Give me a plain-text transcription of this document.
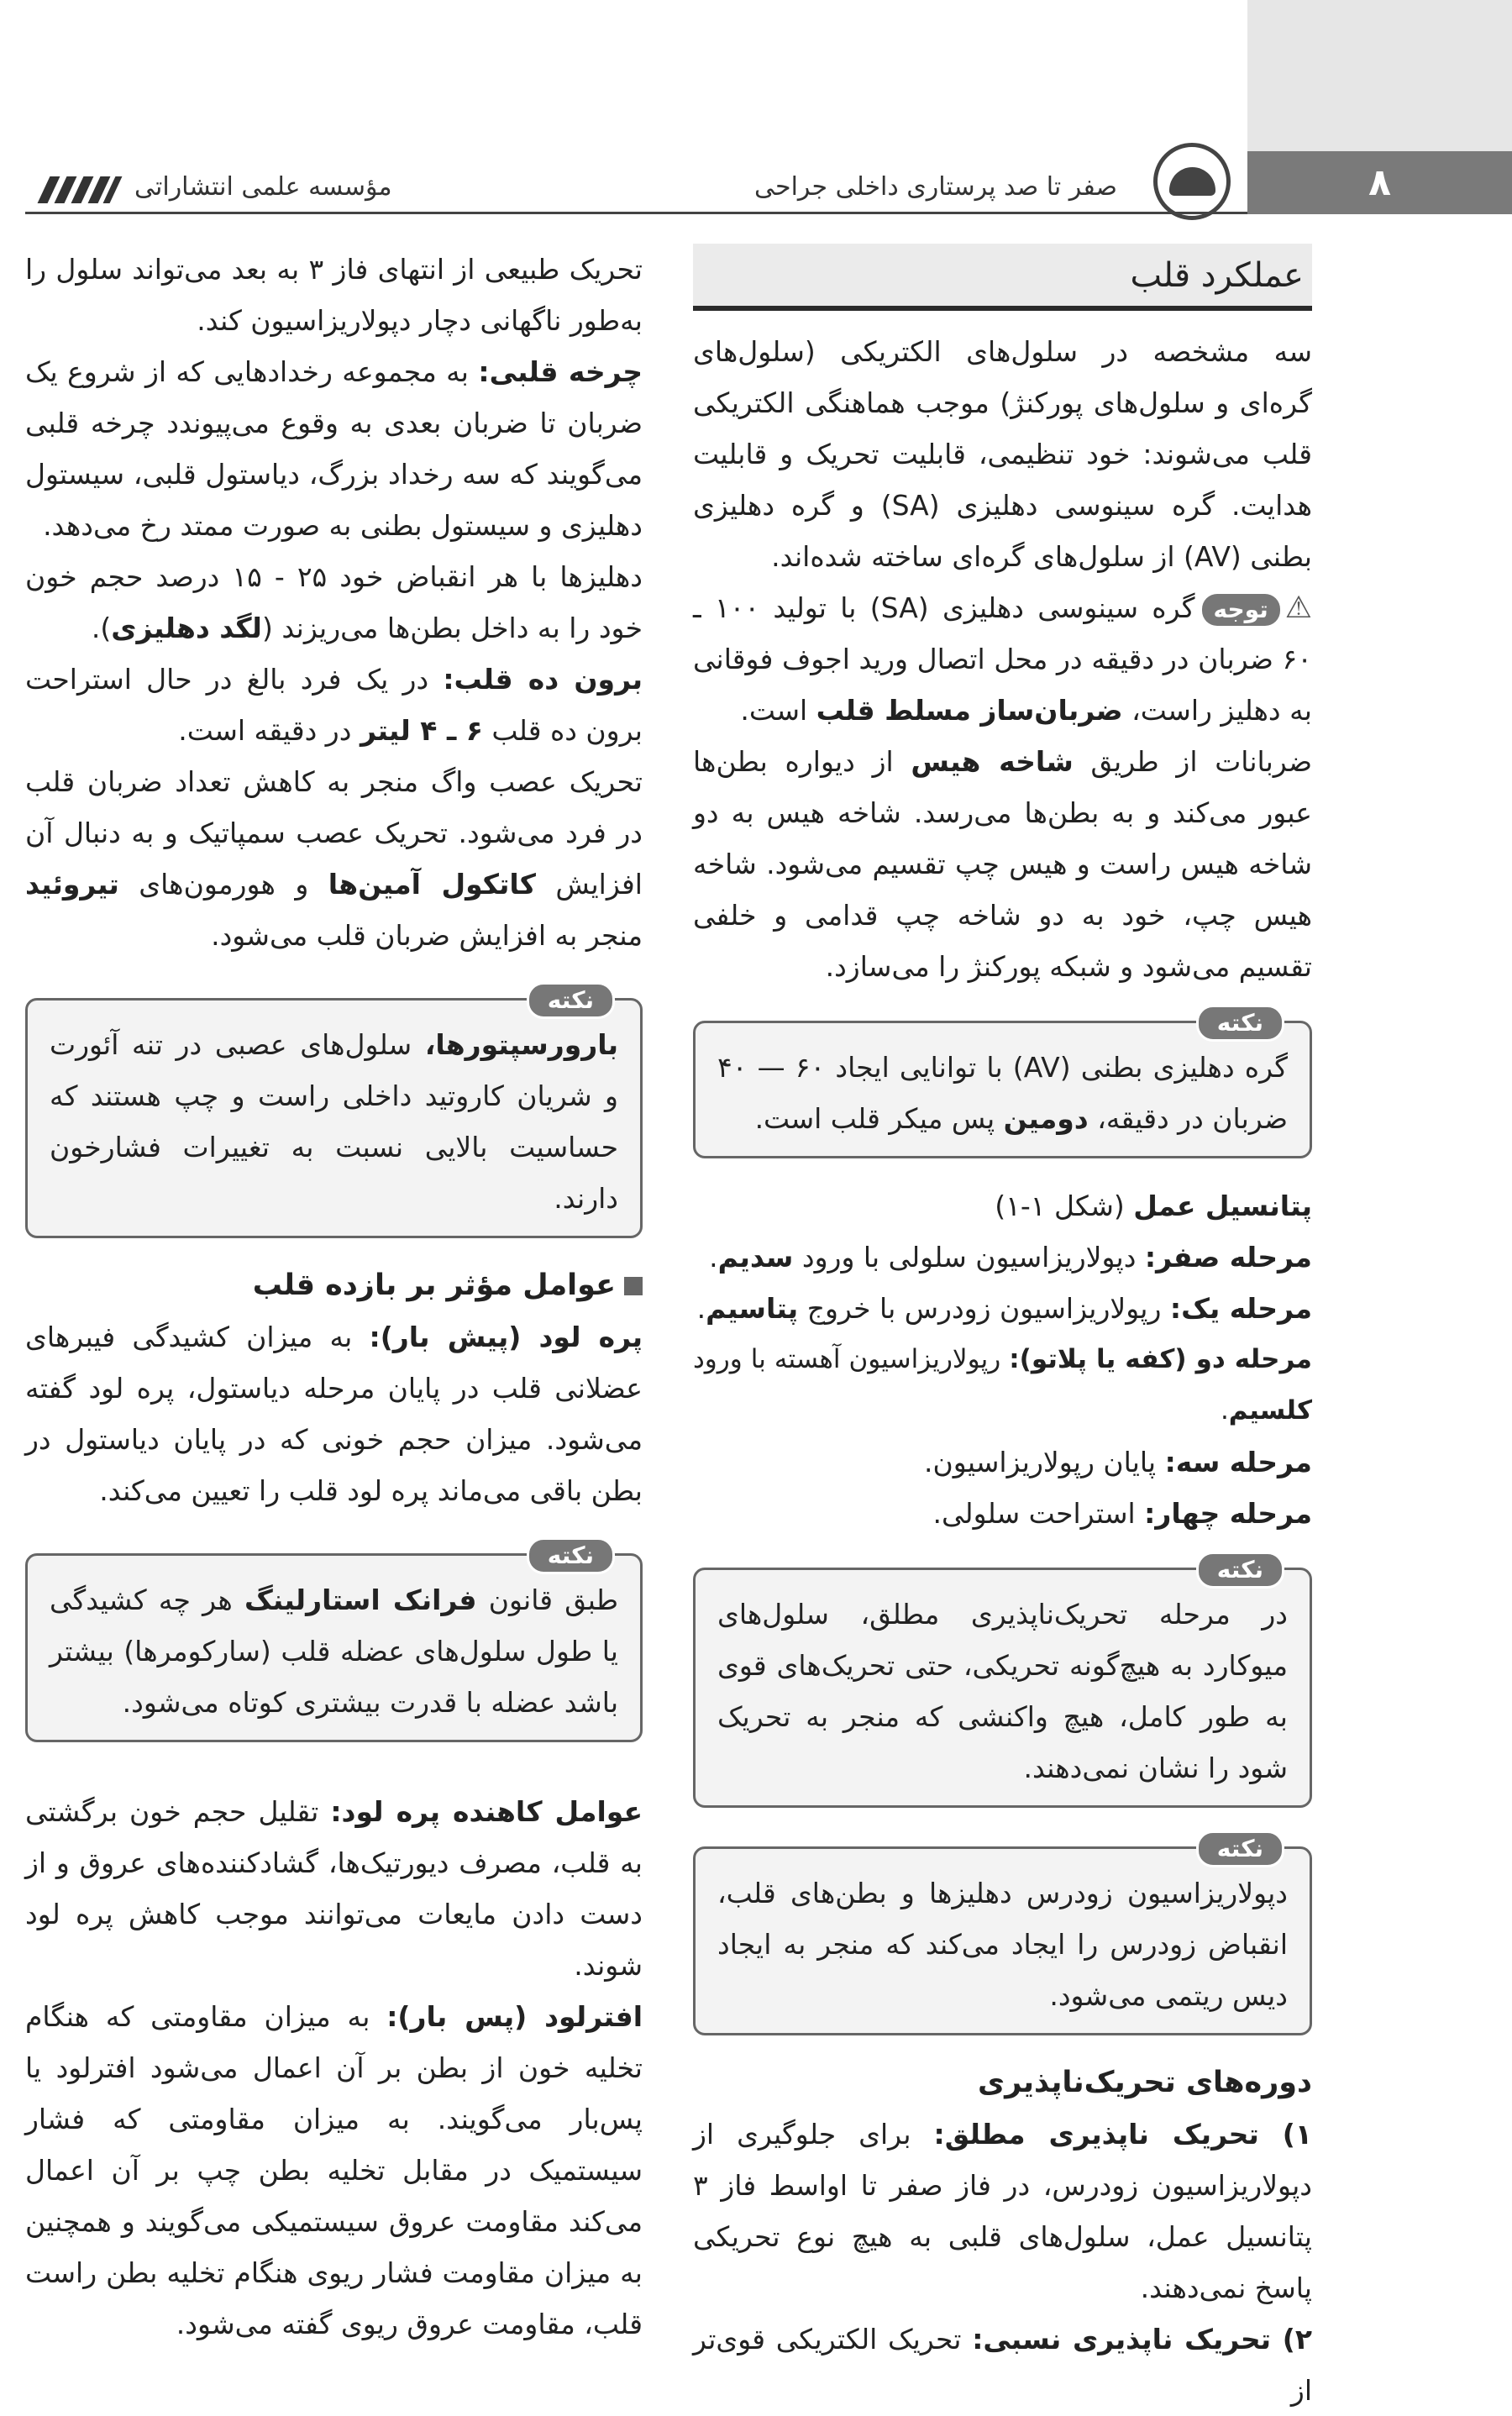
۸
صفر تا صد پرستاری داخلی جراحی
مؤسسه علمی انتشاراتی
عملکرد قلب

سه مشخصه در سلول‌های الکتریکی (سلول‌های گره‌ای و سلول‌های پورکنژ) موجب هماهنگی الکتریکی قلب می‌شوند: خود تنظیمی، قابلیت تحریک و قابلیت هدایت. گره سینوسی دهلیزی (SA) و گره دهلیزی بطنی (AV) از سلول‌های گره‌ای ساخته شده‌اند.

⚠توجهگره سینوسی دهلیزی (SA) با تولید ۱۰۰ ـ ۶۰ ضربان در دقیقه در محل اتصال ورید اجوف فوقانی به دهلیز راست، ضربان‌ساز مسلط قلب است.

ضربانات از طریق شاخه هیس از دیواره بطن‌ها عبور می‌کند و به بطن‌ها می‌رسد. شاخه هیس به دو شاخه هیس راست و هیس چپ تقسیم می‌شود. شاخه هیس چپ، خود به دو شاخه چپ قدامی و خلفی تقسیم می‌شود و شبکه پورکنژ را می‌سازد.

نکته
گره دهلیزی بطنی (AV) با توانایی ایجاد ۶۰ — ۴۰ ضربان در دقیقه، دومین پس میکر قلب است.

پتانسیل عمل (شکل ۱-۱)

مرحله صفر: دپولاریزاسیون سلولی با ورود سدیم.

مرحله یک: رپولاریزاسیون زودرس با خروج پتاسیم.

مرحله دو (کفه یا پلاتو): رپولاریزاسیون آهسته با ورود کلسیم.

مرحله سه: پایان رپولاریزاسیون.

مرحله چهار: استراحت سلولی.

نکته
در مرحله تحریک‌ناپذیری مطلق، سلول‌های میوکارد به هیچ‌گونه تحریکی، حتی تحریک‌های قوی به طور کامل، هیچ واکنشی که منجر به تحریک شود را نشان نمی‌دهند.
نکته
دپولاریزاسیون زودرس دهلیزها و بطن‌های قلب، انقباض زودرس را ایجاد می‌کند که منجر به ایجاد دیس ریتمی می‌شود.

دوره‌های تحریک‌ناپذیری

۱) تحریک ناپذیری مطلق: برای جلوگیری از دپولاریزاسیون زودرس، در فاز صفر تا اواسط فاز ۳ پتانسیل عمل، سلول‌های قلبی به هیچ نوع تحریکی پاسخ نمی‌دهند.

۲) تحریک ناپذیری نسبی: تحریک الکتریکی قوی‌تر از

تحریک طبیعی از انتهای فاز ۳ به بعد می‌تواند سلول را به‌طور ناگهانی دچار دپولاریزاسیون کند.

چرخه قلبی: به مجموعه رخدادهایی که از شروع یک ضربان تا ضربان بعدی به وقوع می‌پیوندد چرخه قلبی می‌گویند که سه رخداد بزرگ، دیاستول قلبی، سیستول دهلیزی و سیستول بطنی به صورت ممتد رخ می‌دهد.

دهلیزها با هر انقباض خود ۲۵ - ۱۵ درصد حجم خون خود را به داخل بطن‌ها می‌ریزند (لگد دهلیزی).

برون ده قلب: در یک فرد بالغ در حال استراحت برون ده قلب ۶ ـ ۴ لیتر در دقیقه است.

تحریک عصب واگ منجر به کاهش تعداد ضربان قلب در فرد می‌شود. تحریک عصب سمپاتیک و به دنبال آن افزایش کاتکول آمین‌ها و هورمون‌های تیروئید منجر به افزایش ضربان قلب می‌شود.

نکته
بارورسپتورها، سلول‌های عصبی در تنه آئورت و شریان کاروتید داخلی راست و چپ هستند که حساسیت بالایی نسبت به تغییرات فشارخون دارند.

عوامل مؤثر بر بازده قلب

پره لود (پیش بار): به میزان کشیدگی فیبرهای عضلانی قلب در پایان مرحله دیاستول، پره لود گفته می‌شود. میزان حجم خونی که در پایان دیاستول در بطن باقی می‌ماند پره لود قلب را تعیین می‌کند.

نکته
طبق قانون فرانک استارلینگ هر چه کشیدگی یا طول سلول‌های عضله قلب (سارکومرها) بیشتر باشد عضله با قدرت بیشتری کوتاه می‌شود.

عوامل کاهنده پره لود: تقلیل حجم خون برگشتی به قلب، مصرف دیورتیک‌ها، گشادکننده‌های عروق و از دست دادن مایعات می‌توانند موجب کاهش پره لود شوند.

افترلود (پس بار): به میزان مقاومتی که هنگام تخلیه خون از بطن بر آن اعمال می‌شود افترلود یا پس‌بار می‌گویند. به میزان مقاومتی که فشار سیستمیک در مقابل تخلیه بطن چپ بر آن اعمال می‌کند مقاومت عروق سیستمیکی می‌گویند و همچنین به میزان مقاومت فشار ریوی هنگام تخلیه بطن راست قلب، مقاومت عروق ریوی گفته می‌شود.
